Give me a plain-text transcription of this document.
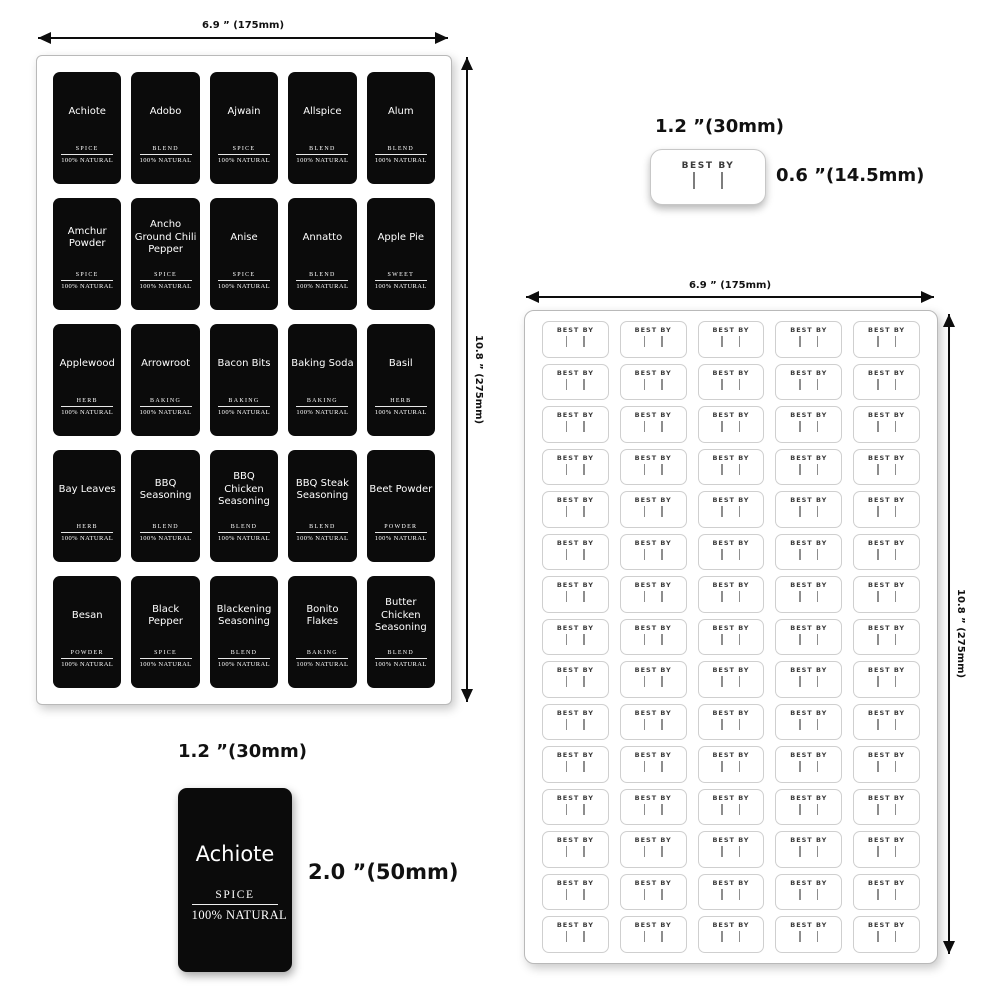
6.9 ” (175mm)
10.8 ” (275mm)
Achiote
SPICE
100% NATURAL
Adobo
BLEND
100% NATURAL
Ajwain
SPICE
100% NATURAL
Allspice
BLEND
100% NATURAL
Alum
BLEND
100% NATURAL
Amchur Powder
SPICE
100% NATURAL
Ancho Ground Chili Pepper
SPICE
100% NATURAL
Anise
SPICE
100% NATURAL
Annatto
BLEND
100% NATURAL
Apple Pie
SWEET
100% NATURAL
Applewood
HERB
100% NATURAL
Arrowroot
BAKING
100% NATURAL
Bacon Bits
BAKING
100% NATURAL
Baking Soda
BAKING
100% NATURAL
Basil
HERB
100% NATURAL
Bay Leaves
HERB
100% NATURAL
BBQ Seasoning
BLEND
100% NATURAL
BBQ Chicken Seasoning
BLEND
100% NATURAL
BBQ Steak Seasoning
BLEND
100% NATURAL
Beet Powder
POWDER
100% NATURAL
Besan
POWDER
100% NATURAL
Black Pepper
SPICE
100% NATURAL
Blackening Seasoning
BLEND
100% NATURAL
Bonito Flakes
BAKING
100% NATURAL
Butter Chicken Seasoning
BLEND
100% NATURAL
1.2 ”(30mm)
BEST BY	0.6 ”(14.5mm)
6.9 ” (175mm)
10.8 ” (275mm)
BEST BY	BEST BY	BEST BY	BEST BY	BEST BY
BEST BY	BEST BY	BEST BY	BEST BY	BEST BY
BEST BY	BEST BY	BEST BY	BEST BY	BEST BY
BEST BY	BEST BY	BEST BY	BEST BY	BEST BY
BEST BY	BEST BY	BEST BY	BEST BY	BEST BY
BEST BY	BEST BY	BEST BY	BEST BY	BEST BY
BEST BY	BEST BY	BEST BY	BEST BY	BEST BY
BEST BY	BEST BY	BEST BY	BEST BY	BEST BY
BEST BY	BEST BY	BEST BY	BEST BY	BEST BY
BEST BY	BEST BY	BEST BY	BEST BY	BEST BY
BEST BY	BEST BY	BEST BY	BEST BY	BEST BY
BEST BY	BEST BY	BEST BY	BEST BY	BEST BY
BEST BY	BEST BY	BEST BY	BEST BY	BEST BY
BEST BY	BEST BY	BEST BY	BEST BY	BEST BY
BEST BY	BEST BY	BEST BY	BEST BY	BEST BY
1.2 ”(30mm)
Achiote
SPICE
100% NATURAL
2.0 ”(50mm)
